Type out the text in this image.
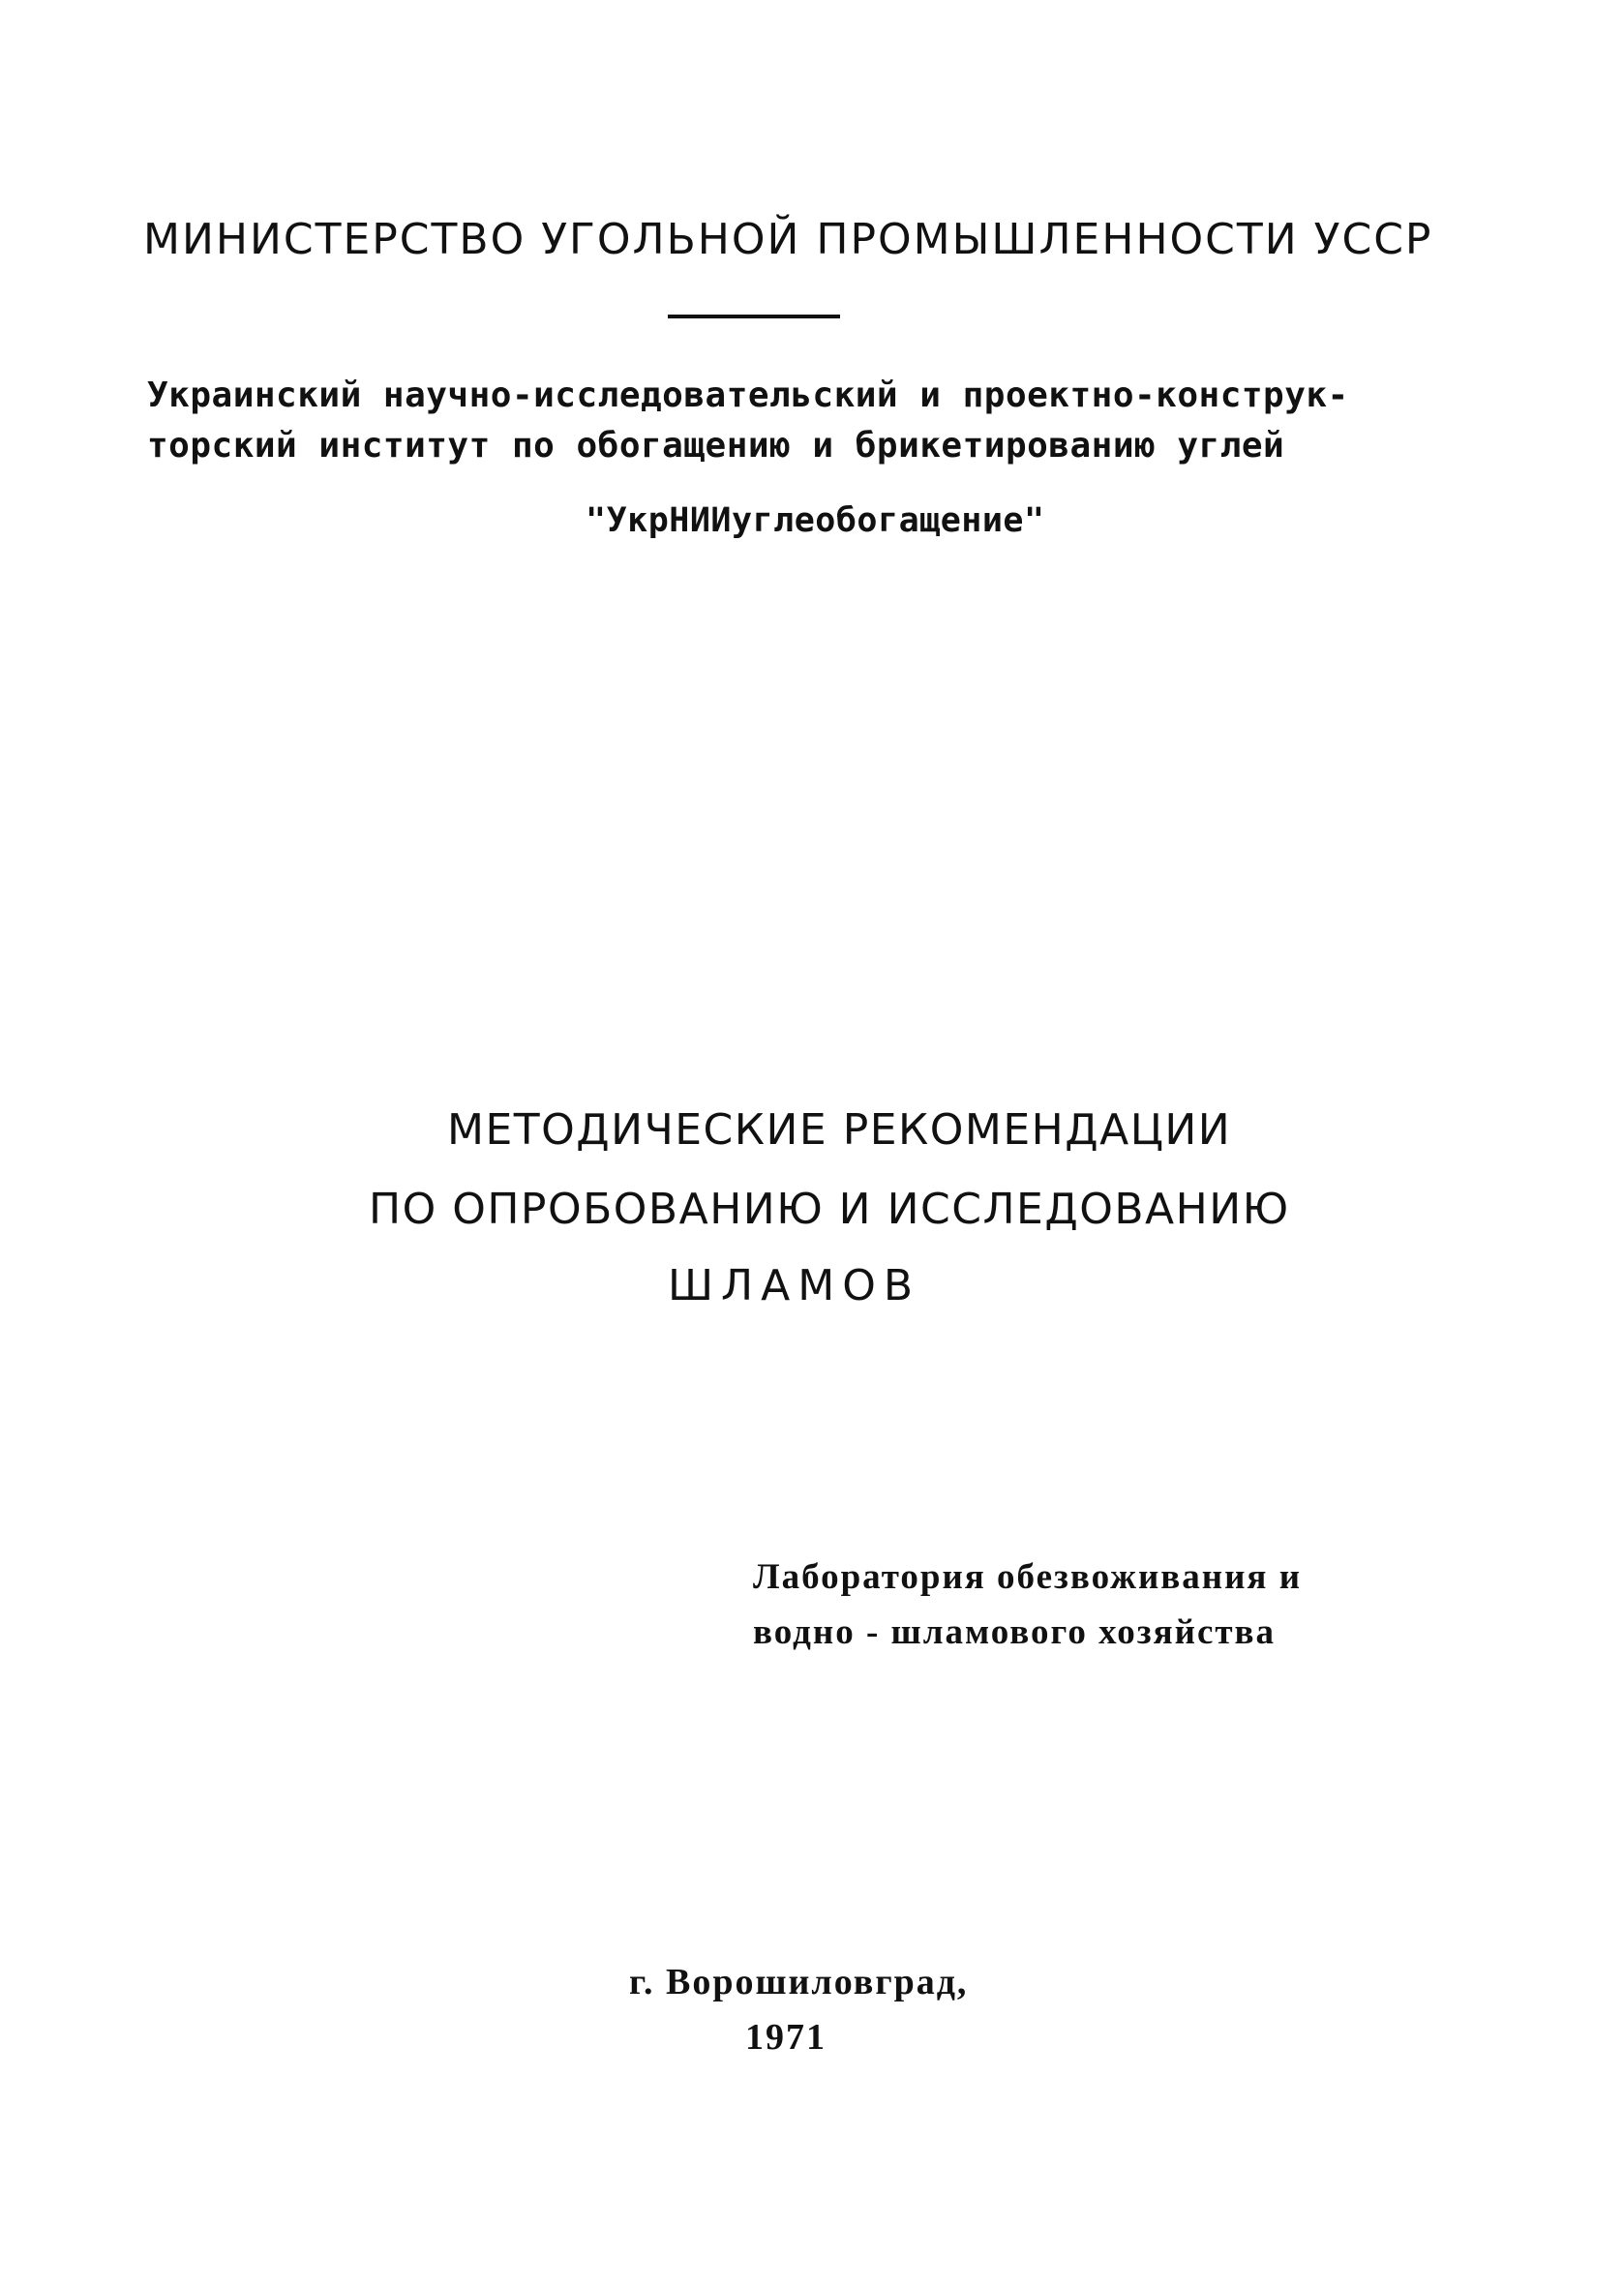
МИНИСТЕРСТВО УГОЛЬНОЙ ПРОМЫШЛЕННОСТИ УССР

Украинский научно-исследовательский и проектно-конструк-

торский институт по обогащению и брикетированию углей

"УкрНИИуглеобогащение"

МЕТОДИЧЕСКИЕ РЕКОМЕНДАЦИИ

ПО ОПРОБОВАНИЮ И ИССЛЕДОВАНИЮ

ШЛАМОВ

Лаборатория обезвоживания и

водно - шламового хозяйства

г. Ворошиловград,

1971
